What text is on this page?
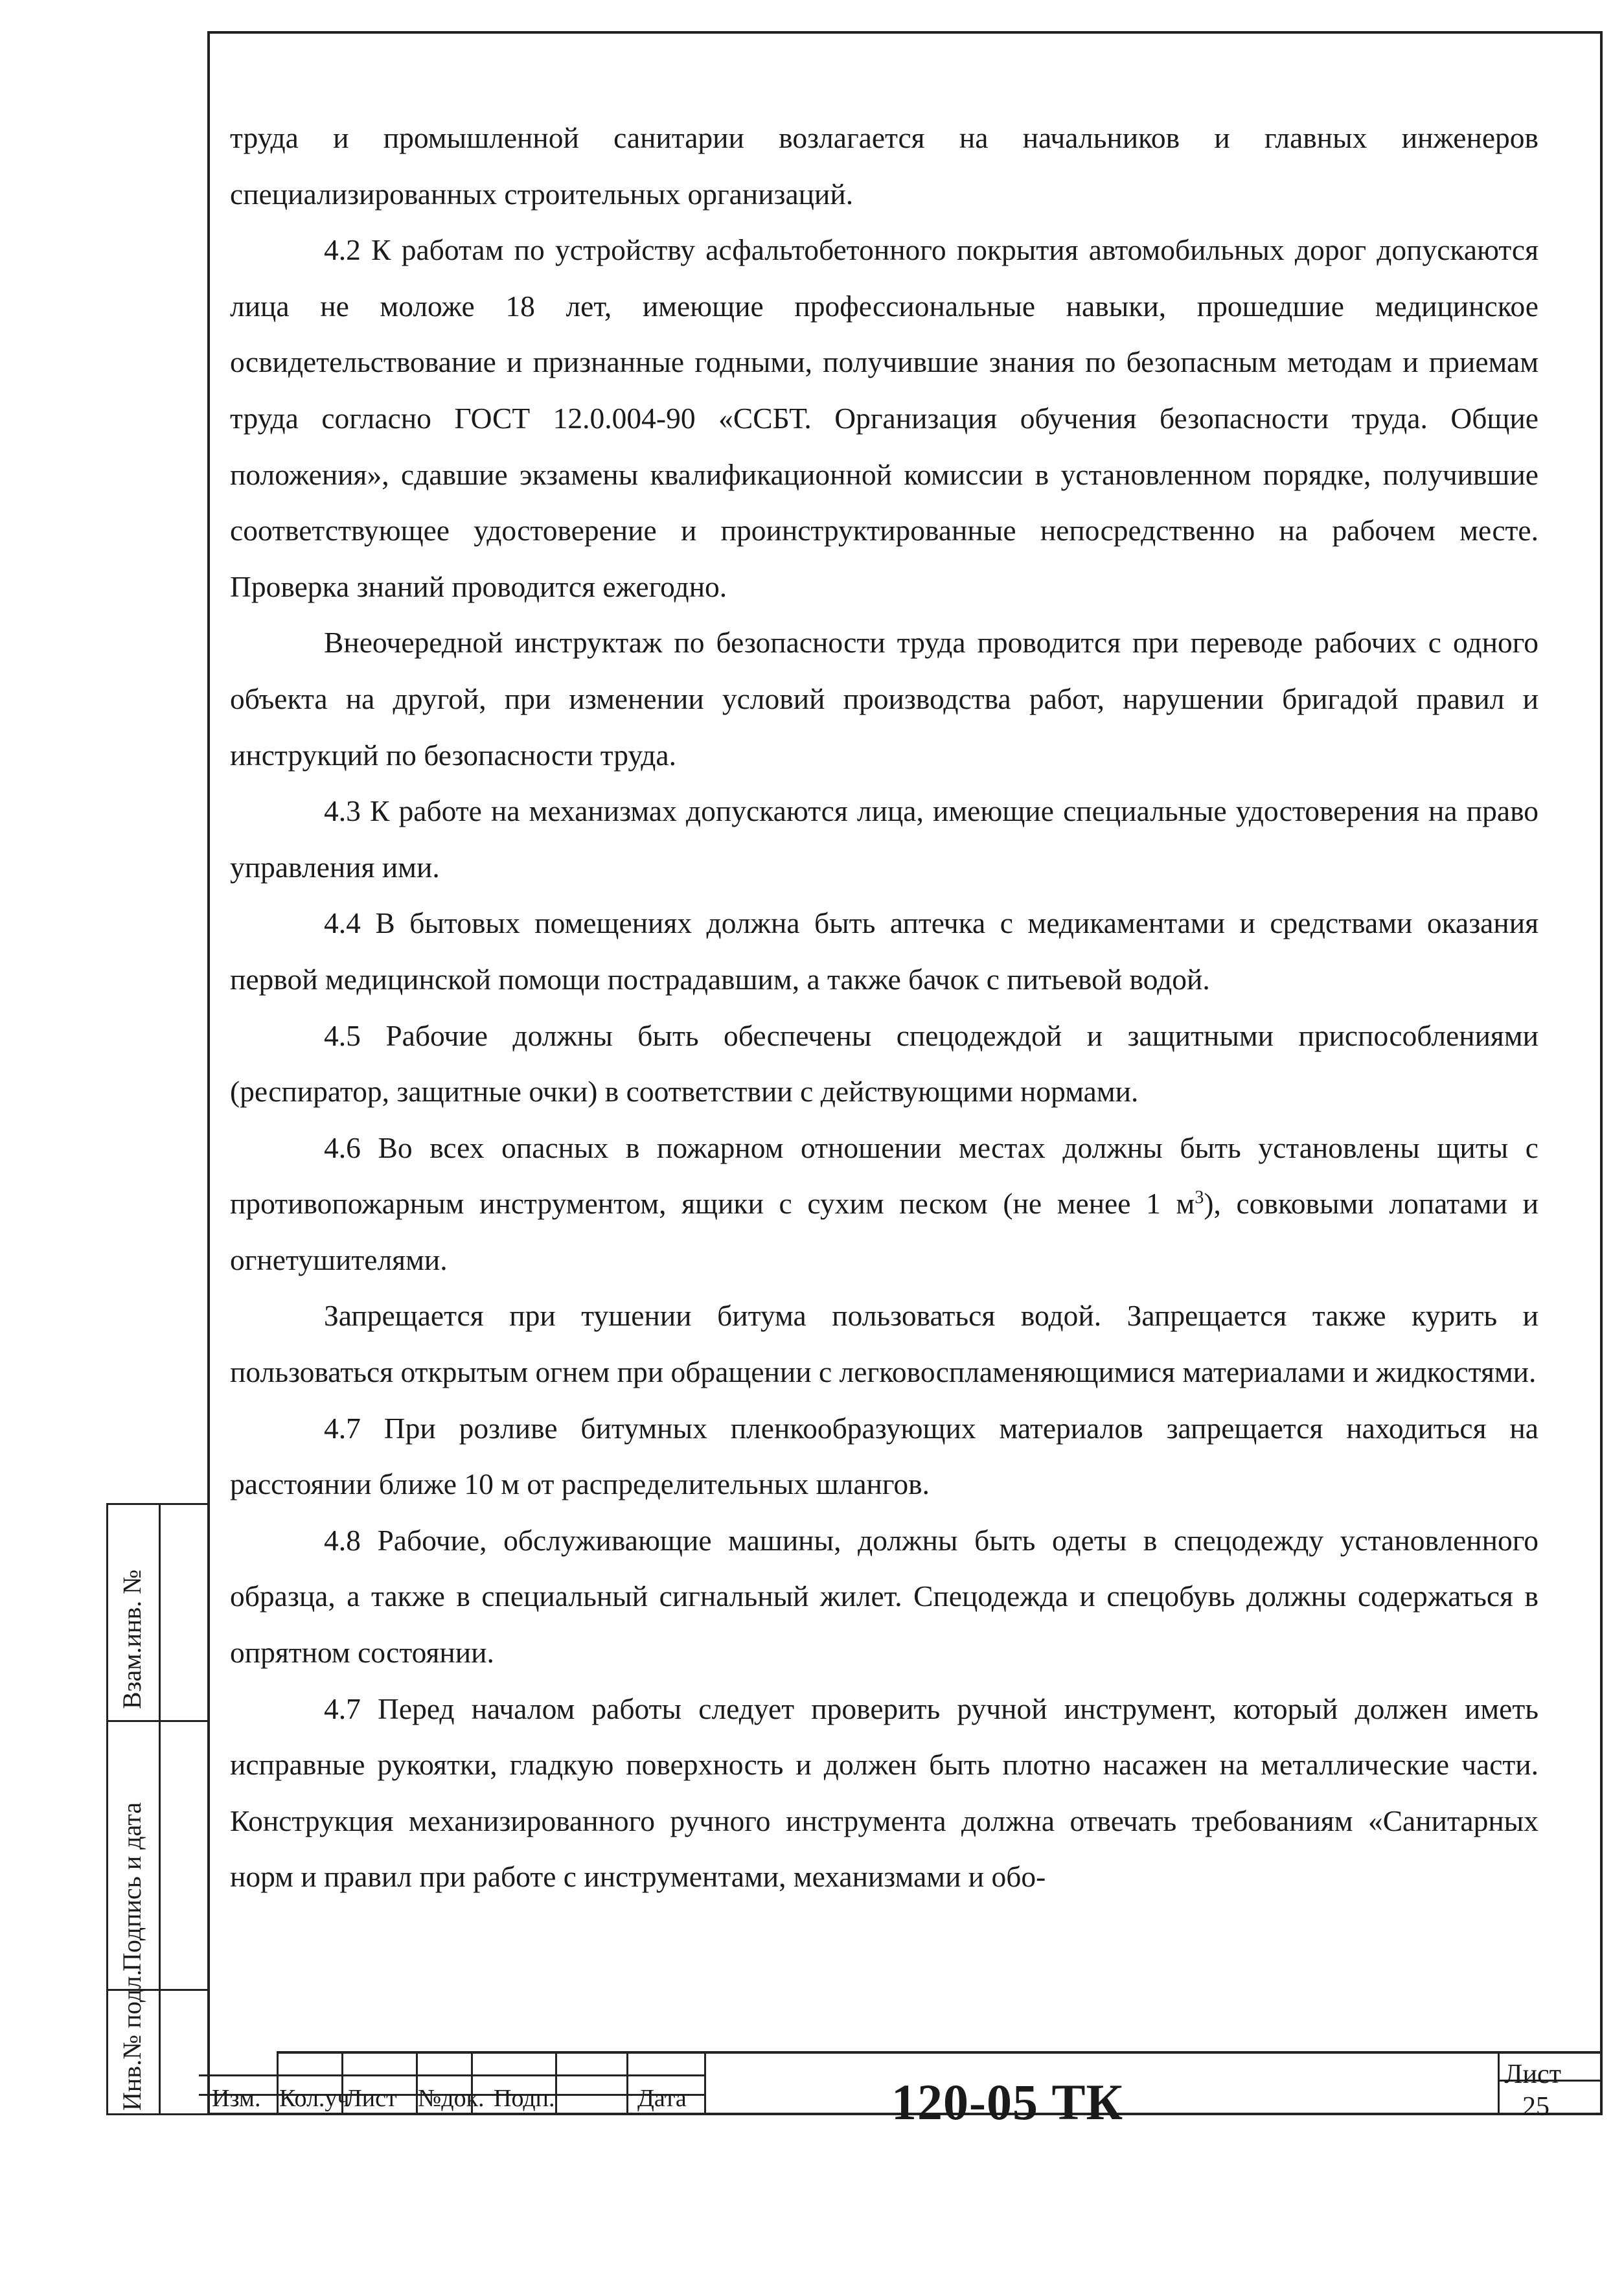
труда и промышленной санитарии возлагается на начальников и главных инженеров специализированных строительных организаций.

4.2 К работам по устройству асфальтобетонного покрытия автомобильных дорог допускаются лица не моложе 18 лет, имеющие профессиональные навыки, прошедшие медицинское освидетельствование и признанные годными, получившие знания по безопасным методам и приемам труда согласно ГОСТ 12.0.004-90 «ССБТ. Организация обучения безопасности труда. Общие положения», сдавшие экзамены квалификационной комиссии в установленном порядке, получившие соответствующее удостоверение и проинструктированные непосредственно на рабочем месте. Проверка знаний проводится ежегодно.

Внеочередной инструктаж по безопасности труда проводится при переводе рабочих с одного объекта на другой, при изменении условий производства работ, нарушении бригадой правил и инструкций по безопасности труда.

4.3 К работе на механизмах допускаются лица, имеющие специальные удостоверения на право управления ими.

4.4 В бытовых помещениях должна быть аптечка с медикаментами и средствами оказания первой медицинской помощи пострадавшим, а также бачок с питьевой водой.

4.5 Рабочие должны быть обеспечены спецодеждой и защитными приспособлениями (респиратор, защитные очки) в соответствии с действующими нормами.

4.6 Во всех опасных в пожарном отношении местах должны быть установлены щиты с противопожарным инструментом, ящики с сухим песком (не менее 1 $м^3$), совковыми лопатами и огнетушителями.

Запрещается при тушении битума пользоваться водой. Запрещается также курить и пользоваться открытым огнем при обращении с легковоспламеняющимися материалами и жидкостями.

4.7 При розливе битумных пленкообразующих материалов запрещается находиться на расстоянии ближе 10 м от распределительных шлангов.

4.8 Рабочие, обслуживающие машины, должны быть одеты в спецодежду установленного образца, а также в специальный сигнальный жилет. Спецодежда и спецобувь должны содержаться в опрятном состоянии.

4.7 Перед началом работы следует проверить ручной инструмент, который должен иметь исправные рукоятки, гладкую поверхность и должен быть плотно насажен на металлические части. Конструкция механизированного ручного инструмента должна отвечать требованиям «Санитарных норм и правил при работе с инструментами, механизмами и обо-

Взам.инв. №
Подпись и дата
Инв.№ подл.	Изм. Кол.уч
Лист №док. Подп.	Дата	120-05 ТК	Лист
25
